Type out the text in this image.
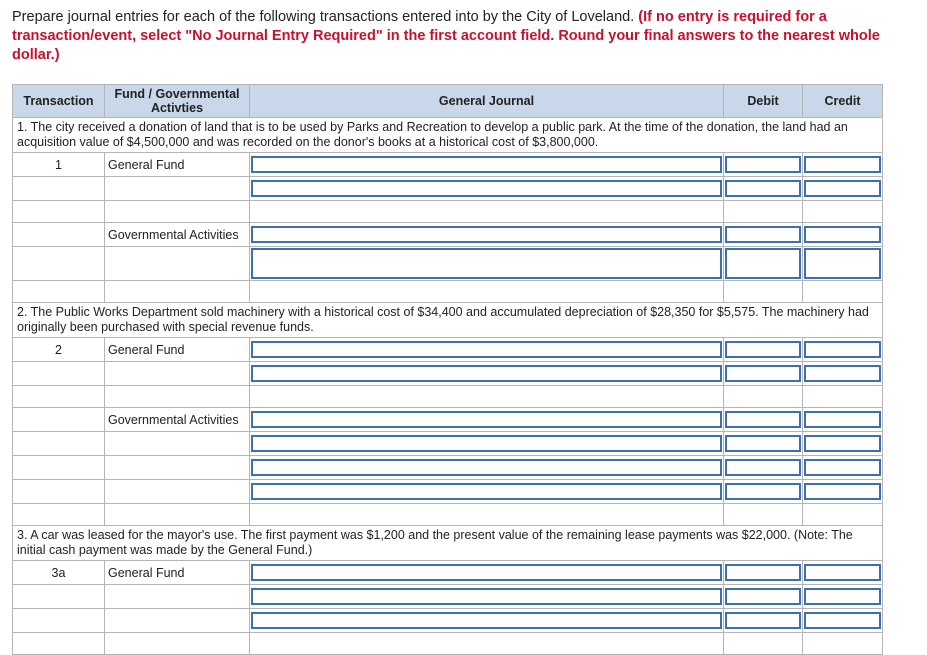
Prepare journal entries for each of the following transactions entered into by the City of Loveland. (If no entry is required for a transaction/event, select "No Journal Entry Required" in the first account field. Round your final answers to the nearest whole dollar.)
Transaction	Fund / Governmental Activties	General Journal	Debit	Credit
1. The city received a donation of land that is to be used by Parks and Recreation to develop a public park. At the time of the donation, the land had an acquisition value of $4,500,000 and was recorded on the donor's books at a historical cost of $3,800,000.				
1	General Fund	

	Governmental Activities	

2. The Public Works Department sold machinery with a historical cost of $34,400 and accumulated depreciation of $28,350 for $5,575. The machinery had originally been purchased with special revenue funds.				
2	General Fund	

	Governmental Activities	

3. A car was leased for the mayor's use. The first payment was $1,200 and the present value of the remaining lease payments was $22,000. (Note: The initial cash payment was made by the General Fund.)				
3a	General Fund	
